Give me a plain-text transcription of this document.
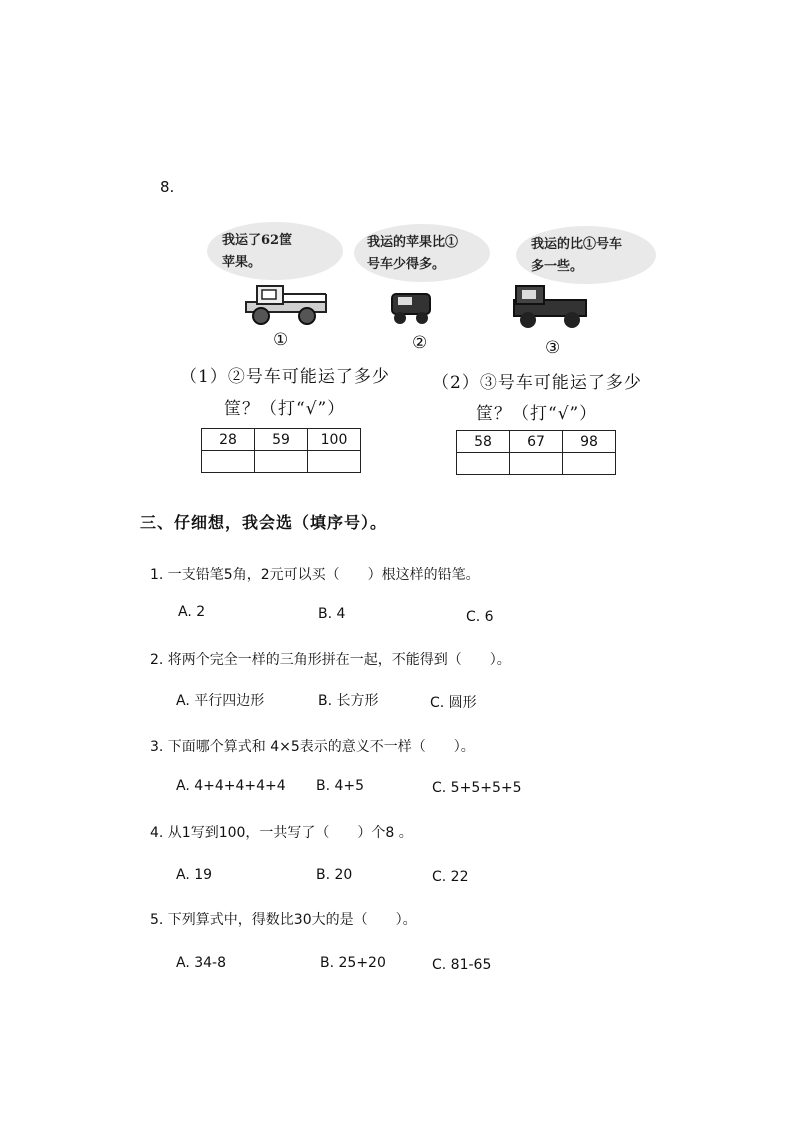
8.
我运了62筐
苹果。
我运的苹果比①
号车少得多。
我运的比①号车
多一些。
①	②	③
（1）②号车可能运了多少
筐？（打“√”）
28	59	100

（2）③号车可能运了多少
筐？（打“√”）
58	67	98

三、仔细想，我会选（填序号）。
1. 一支铅笔5角，2元可以买（　　）根这样的铅笔。
A. 2	B. 4	C. 6
2. 将两个完全一样的三角形拼在一起，不能得到（　　）。
A. 平行四边形	B. 长方形	C. 圆形
3. 下面哪个算式和 4×5表示的意义不一样（　　）。
A. 4+4+4+4+4 B. 4+5	C. 5+5+5+5
4. 从1写到100，一共写了（　　）个8 。
A. 19	B. 20	C. 22
5. 下列算式中，得数比30大的是（　　）。
A. 34-8	B. 25+20	C. 81-65
